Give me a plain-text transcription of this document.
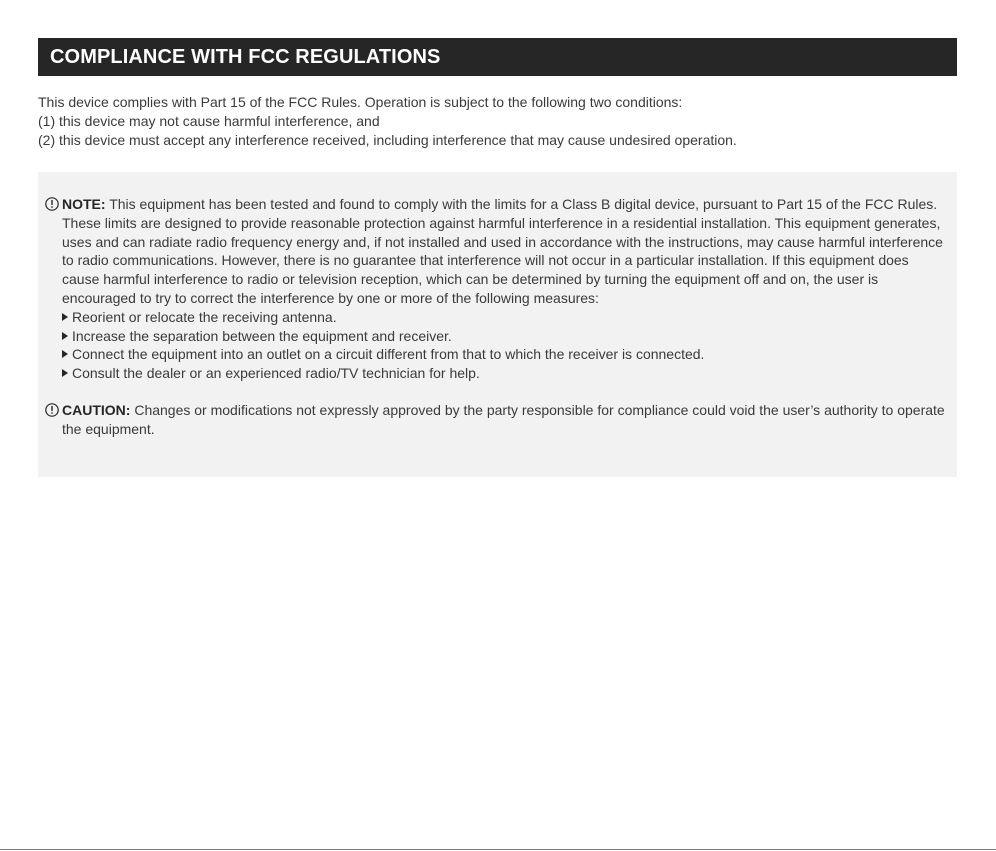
COMPLIANCE WITH FCC REGULATIONS

This device complies with Part 15 of the FCC Rules. Operation is subject to the following two conditions:

(1) this device may not cause harmful interference, and

(2) this device must accept any interference received, including interference that may cause undesired operation.

NOTE: This equipment has been tested and found to comply with the limits for a Class B digital device, pursuant to Part 15 of the FCC Rules. These limits are designed to provide reasonable protection against harmful interference in a residential installation. This equipment generates, uses and can radiate radio frequency energy and, if not installed and used in accordance with the instructions, may cause harmful interference to radio communications. However, there is no guarantee that interference will not occur in a particular installation. If this equipment does cause harmful interference to radio or television reception, which can be determined by turning the equipment off and on, the user is encouraged to try to correct the interference by one or more of the following measures:
Reorient or relocate the receiving antenna.
Increase the separation between the equipment and receiver.
Connect the equipment into an outlet on a circuit different from that to which the receiver is connected.
Consult the dealer or an experienced radio/TV technician for help.
CAUTION: Changes or modifications not expressly approved by the party responsible for compliance could void the user’s authority to operate the equipment.
